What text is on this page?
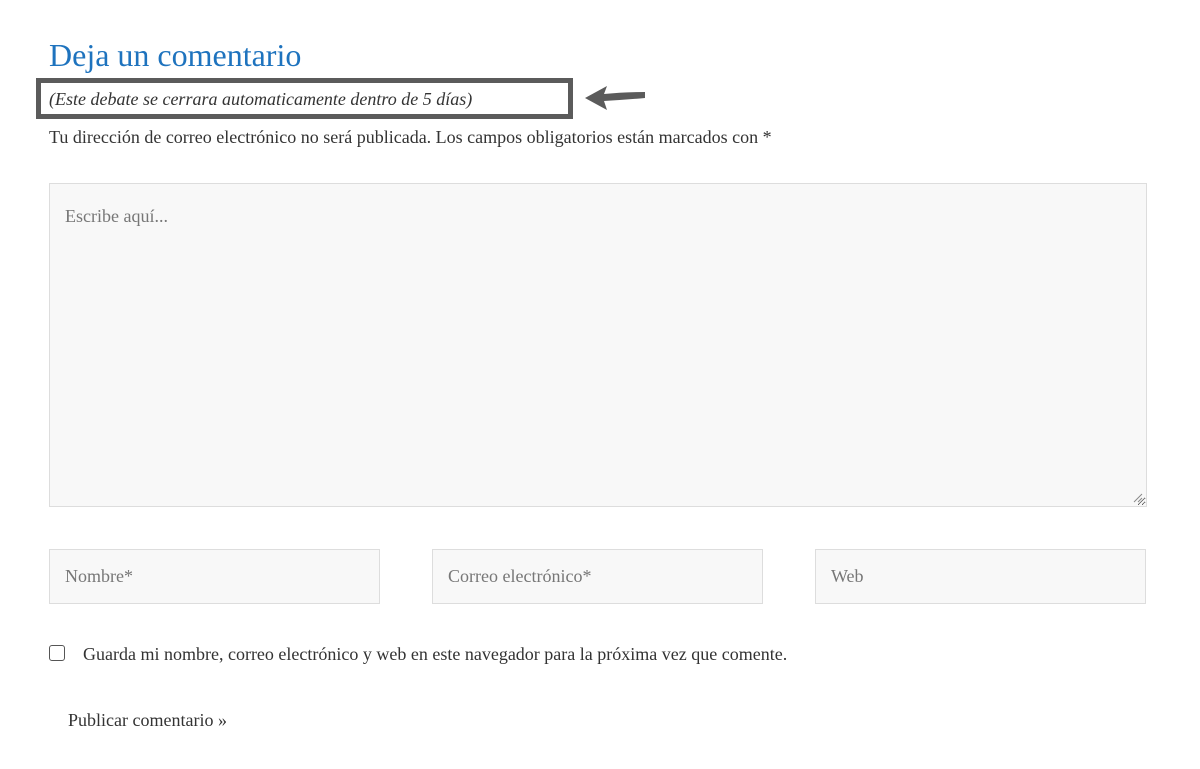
Deja un comentario
(Este debate se cerrara automaticamente dentro de 5 días)

Tu dirección de correo electrónico no será publicada. Los campos obligatorios están marcados con *

Escribe aquí...
Nombre*
Correo electrónico*
Web
Guarda mi nombre, correo electrónico y web en este navegador para la próxima vez que comente.
Publicar comentario »
